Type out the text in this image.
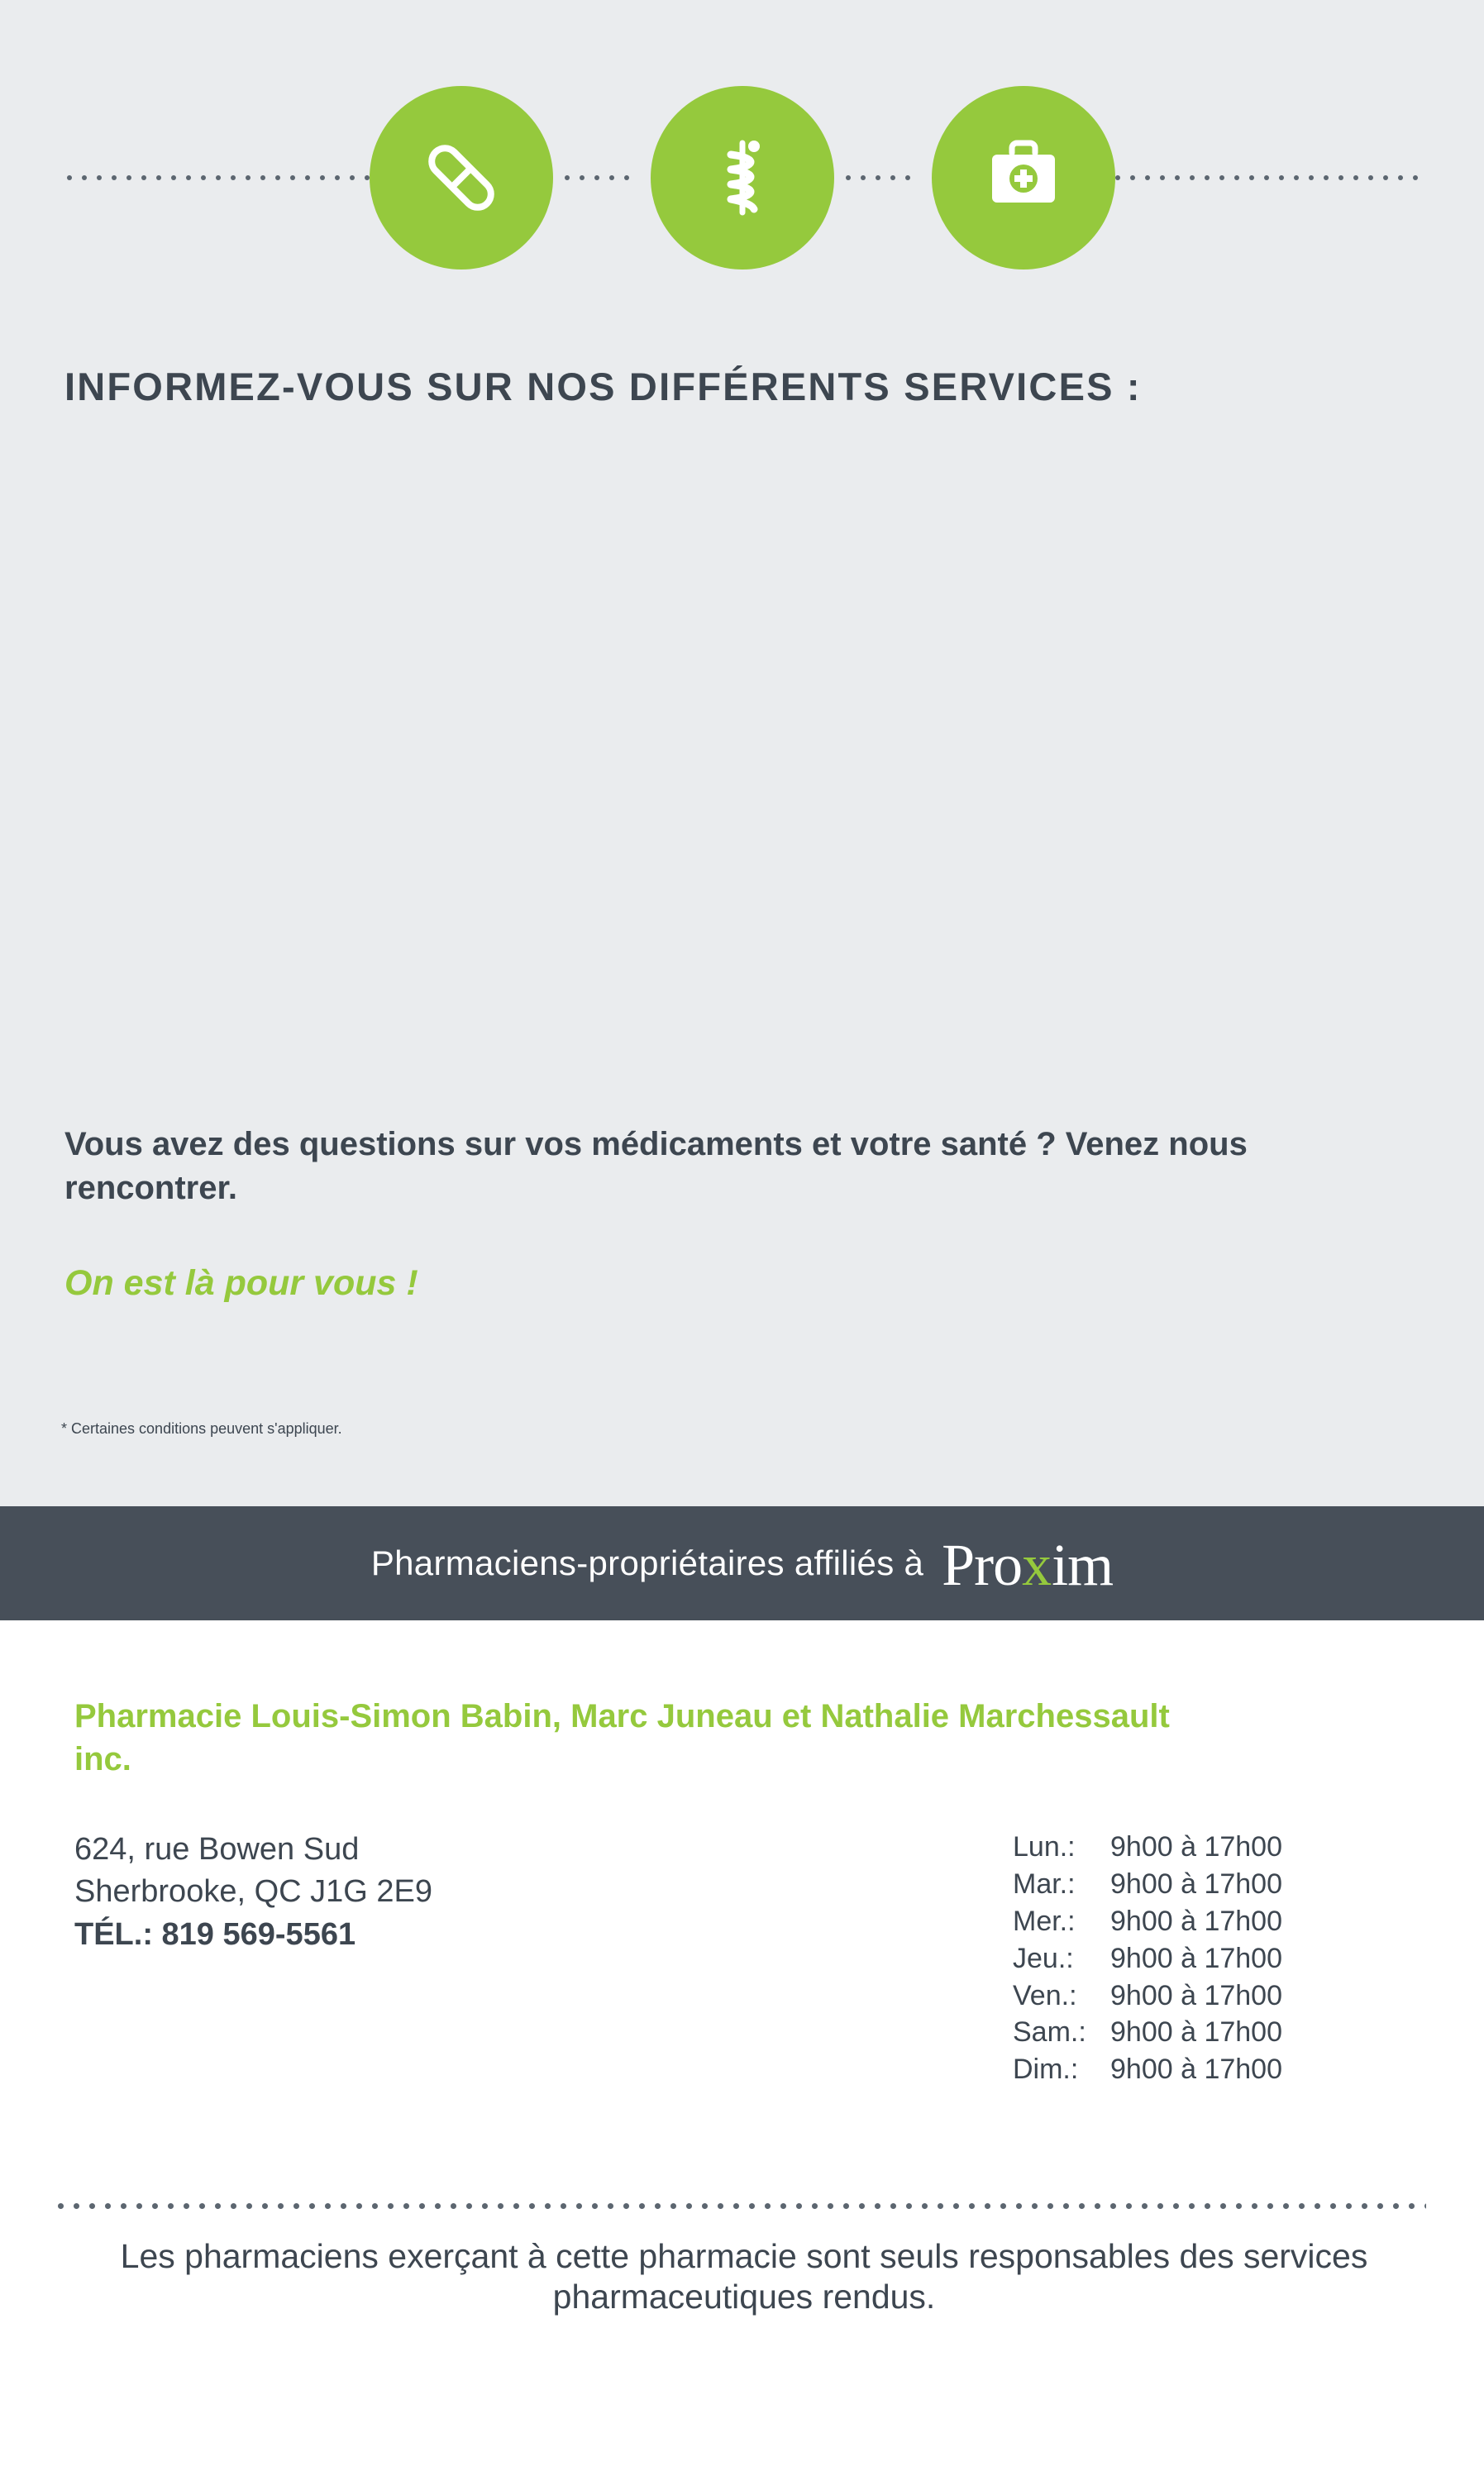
INFORMEZ-VOUS SUR NOS DIFFÉRENTS SERVICES :
Vous avez des questions sur vos médicaments et votre santé ? Venez nous rencontrer.
On est là pour vous !
* Certaines conditions peuvent s'appliquer.
Pharmaciens-propriétaires affiliés à Pro x im
Pharmacie Louis-Simon Babin, Marc Juneau et Nathalie Marchessault inc.
624, rue Bowen Sud
Sherbrooke, QC J1G 2E9
TÉL.: 819 569-5561
Lun.:	9h00 à 17h00
Mar.:	9h00 à 17h00
Mer.:	9h00 à 17h00
Jeu.:	9h00 à 17h00
Ven.:	9h00 à 17h00
Sam.: 9h00 à 17h00
Dim.:	9h00 à 17h00
Les pharmaciens exerçant à cette pharmacie sont seuls responsables des services pharmaceutiques rendus.
